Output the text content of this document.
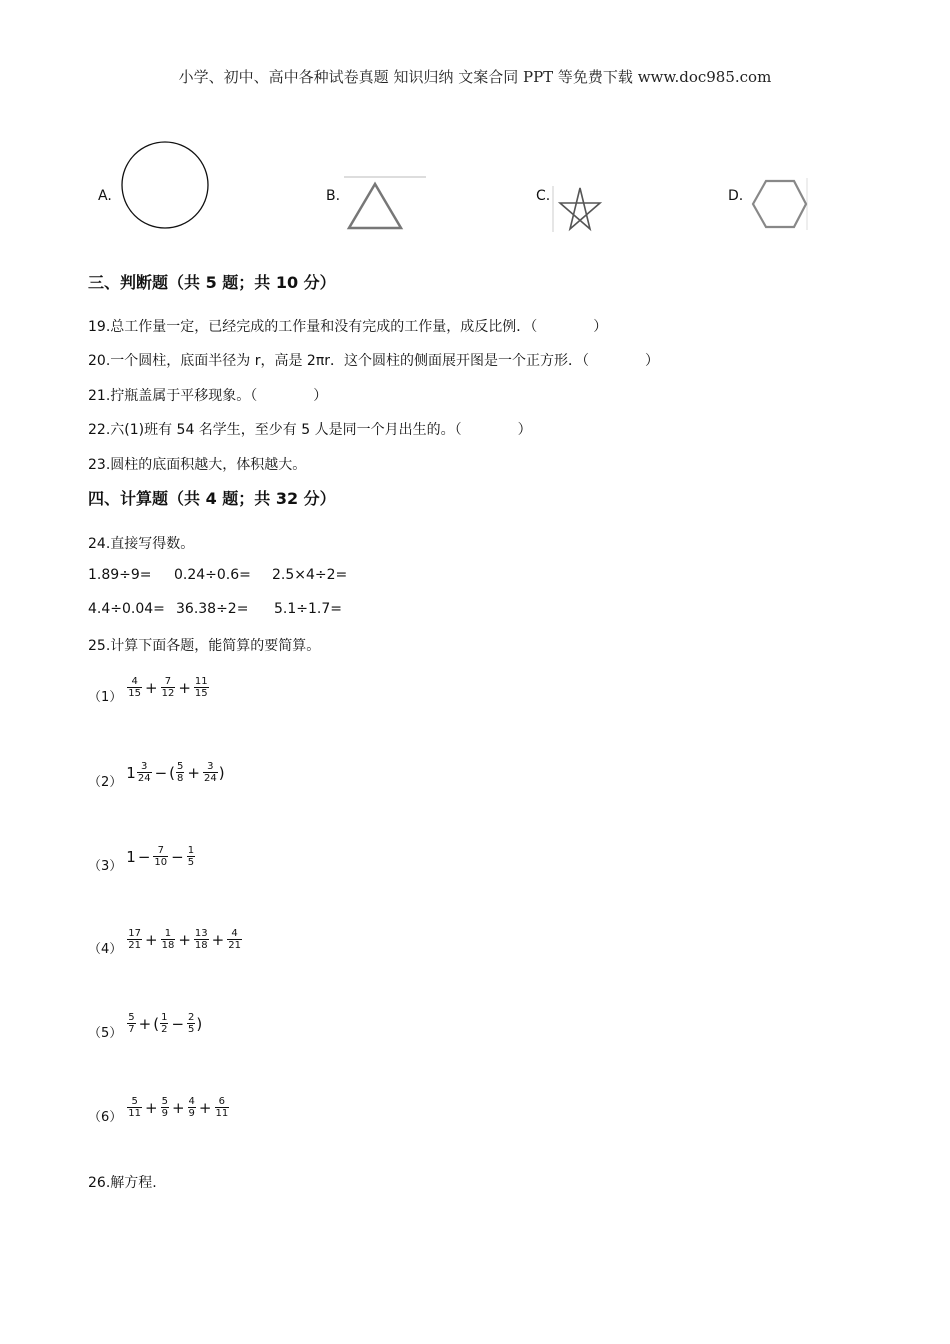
小学、初中、高中各种试卷真题 知识归纳 文案合同 PPT 等免费下载 www.doc985.com
A.	B.	C.	D.
三、判断题（共 5 题；共 10 分）
19.总工作量一定，已经完成的工作量和没有完成的工作量，成反比例．（	）
20.一个圆柱，底面半径为 r，高是 2πr．这个圆柱的侧面展开图是一个正方形．（	）
21.拧瓶盖属于平移现象。（	）
22.六(1)班有 54 名学生，至少有 5 人是同一个月出生的。（	）
23.圆柱的底面积越大，体积越大。
四、计算题（共 4 题；共 32 分）
24.直接写得数。
1.89÷9= 0.24÷0.6= 2.5×4÷2=
4.4÷0.04= 36.38÷2= 5.1÷1.7=
25.计算下面各题，能简算的要简算。
$(1) \frac{4}{15} + \frac{7}{12} + \frac{11}{15}$
（2）
$1 \frac{3}{24}$ − ( $\frac{5}{8} + \frac{3}{24}$ )
（3）
$1 - \frac{7}{10} - \frac{1}{5}$
$(4) \frac{17}{21} + \frac{1}{18} + \frac{13}{18} + \frac{4}{21}$
$(5) \frac{5}{7}$ + ( $\frac{1}{2} - \frac{2}{5}$ )
$(6) \frac{5}{11} + \frac{5}{9} + \frac{4}{9} + \frac{6}{11}$
26.解方程.
